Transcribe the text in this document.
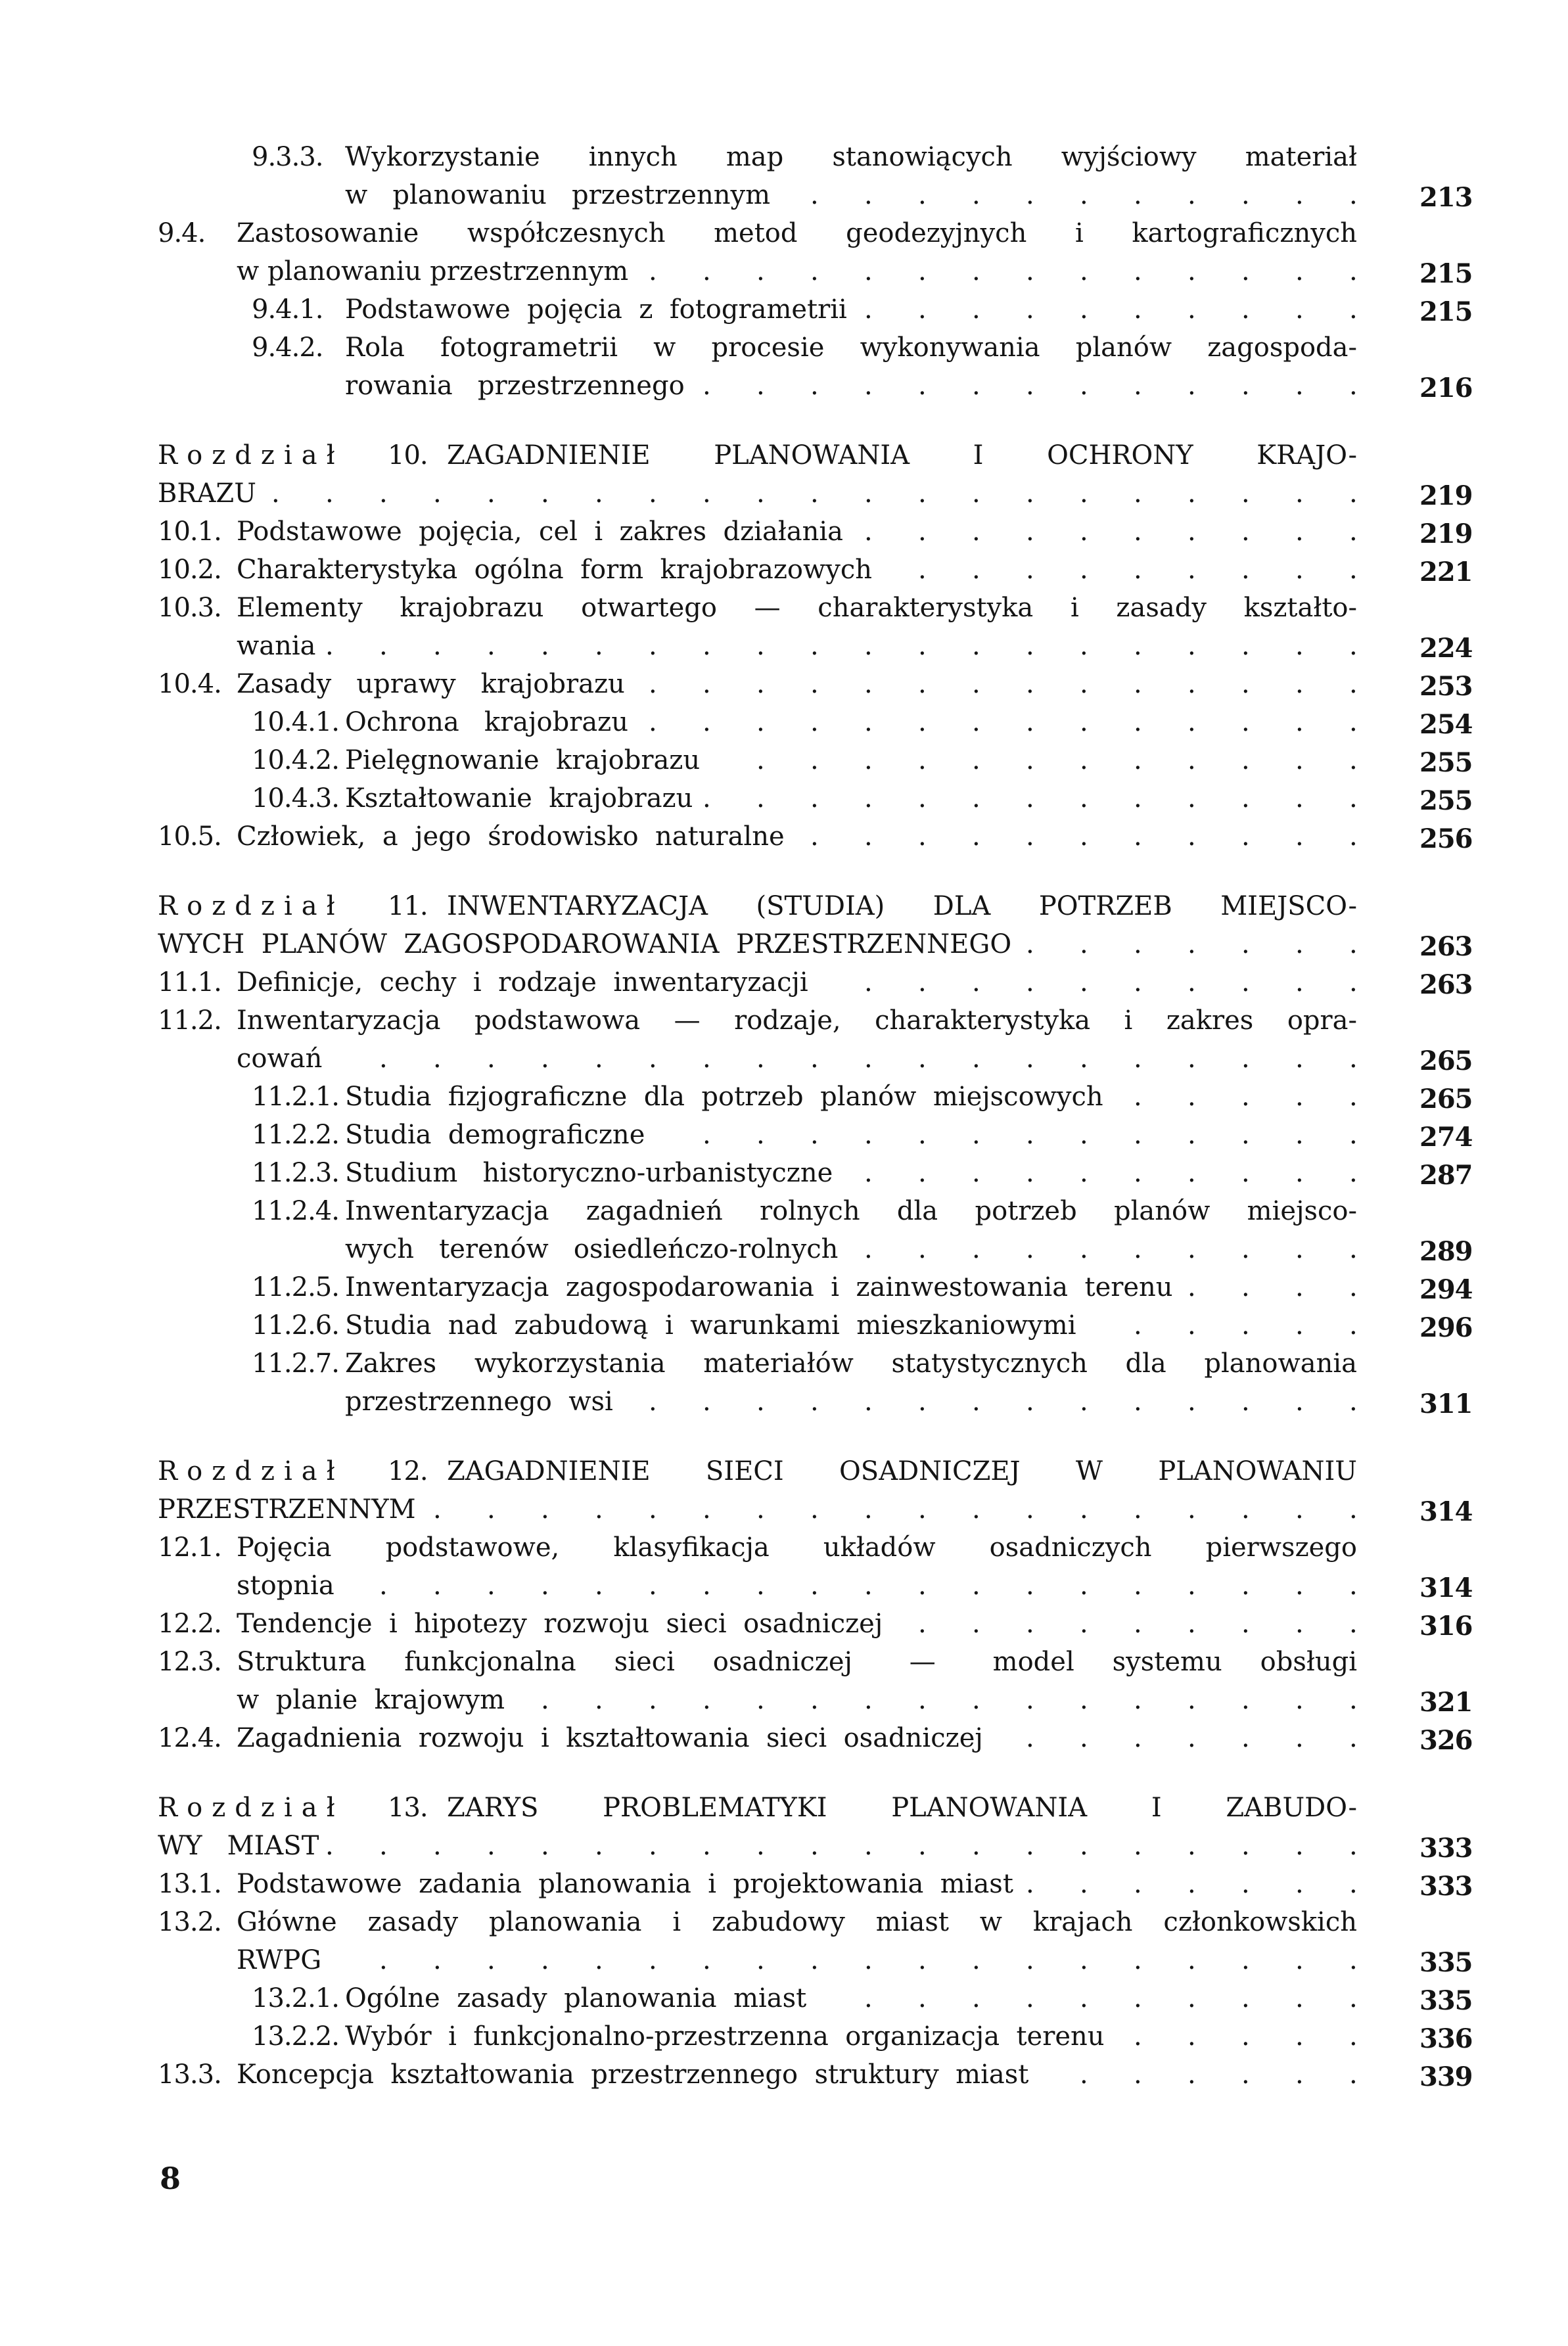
9.3.3. Wykorzystanie  innych  map  stanowiących  wyjściowy  materiał
w   planowaniu   przestrzennym . . . . . . . . . . .	213
9.4. Zastosowanie  współczesnych  metod  geodezyjnych  i  kartograficznych
w planowaniu przestrzennym . . . . . . . . . . . . . .	215
9.4.1. Podstawowe  pojęcia  z  fotogrametrii . . . . . . . . . .	215
9.4.2. Rola  fotogrametrii  w  procesie  wykonywania  planów  zagospoda-
rowania   przestrzennego . . . . . . . . . . . . .	216
Rozdział 10. ZAGADNIENIE  PLANOWANIA  I  OCHRONY  KRAJO-
BRAZU . . . . . . . . . . . . . . . . . . . . .	219
10.1. Podstawowe  pojęcia,  cel  i  zakres  działania . . . . . . . . . .	219
10.2. Charakterystyka  ogólna  form  krajobrazowych . . . . . . . . .	221
10.3. Elementy  krajobrazu  otwartego  —  charakterystyka  i  zasady  kształto-
wania . . . . . . . . . . . . . . . . . . . .	224
10.4. Zasady   uprawy   krajobrazu . . . . . . . . . . . . . .	253
10.4.1. Ochrona   krajobrazu . . . . . . . . . . . . . .	254
10.4.2. Pielęgnowanie  krajobrazu . . . . . . . . . . . .	255
10.4.3. Kształtowanie  krajobrazu . . . . . . . . . . . . .	255
10.5. Człowiek,  a  jego  środowisko  naturalne . . . . . . . . . . .	256
Rozdział 11. INWENTARYZACJA  (STUDIA)  DLA  POTRZEB  MIEJSCO-
WYCH  PLANÓW  ZAGOSPODAROWANIA  PRZESTRZENNEGO . . . . . . .	263
11.1. Definicje,  cechy  i  rodzaje  inwentaryzacji . . . . . . . . . .	263
11.2. Inwentaryzacja  podstawowa  —  rodzaje,  charakterystyka  i  zakres  opra-
cowań . . . . . . . . . . . . . . . . . . .	265
11.2.1. Studia  fizjograficzne  dla  potrzeb  planów  miejscowych . . . . .	265
11.2.2. Studia  demograficzne . . . . . . . . . . . . .	274
11.2.3. Studium   historyczno-urbanistyczne . . . . . . . . . .	287
11.2.4. Inwentaryzacja  zagadnień  rolnych  dla  potrzeb  planów  miejsco-
wych   terenów   osiedleńczo-rolnych . . . . . . . . . .	289
11.2.5. Inwentaryzacja  zagospodarowania  i  zainwestowania  terenu . . . .	294
11.2.6. Studia  nad  zabudową  i  warunkami  mieszkaniowymi . . . . .	296
11.2.7. Zakres  wykorzystania  materiałów  statystycznych  dla  planowania
przestrzennego  wsi . . . . . . . . . . . . . .	311
Rozdział 12. ZAGADNIENIE  SIECI  OSADNICZEJ  W  PLANOWANIU
PRZESTRZENNYM . . . . . . . . . . . . . . . . . .	314
12.1. Pojęcia   podstawowe,   klasyfikacja   układów   osadniczych   pierwszego
stopnia . . . . . . . . . . . . . . . . . . .	314
12.2. Tendencje  i  hipotezy  rozwoju  sieci  osadniczej . . . . . . . . .	316
12.3. Struktura  funkcjonalna  sieci  osadniczej   —   model  systemu  obsługi
w  planie  krajowym . . . . . . . . . . . . . . . .	321
12.4. Zagadnienia  rozwoju  i  kształtowania  sieci  osadniczej . . . . . . .	326
Rozdział 13. ZARYS  PROBLEMATYKI  PLANOWANIA  I  ZABUDO-
WY   MIAST . . . . . . . . . . . . . . . . . . . .	333
13.1. Podstawowe  zadania  planowania  i  projektowania  miast . . . . . . .	333
13.2. Główne  zasady  planowania  i  zabudowy  miast  w  krajach  członkowskich
RWPG . . . . . . . . . . . . . . . . . . .	335
13.2.1. Ogólne  zasady  planowania  miast . . . . . . . . . .	335
13.2.2. Wybór  i  funkcjonalno-przestrzenna  organizacja  terenu . . . . .	336
13.3. Koncepcja  kształtowania  przestrzennego  struktury  miast . . . . . .	339
8
